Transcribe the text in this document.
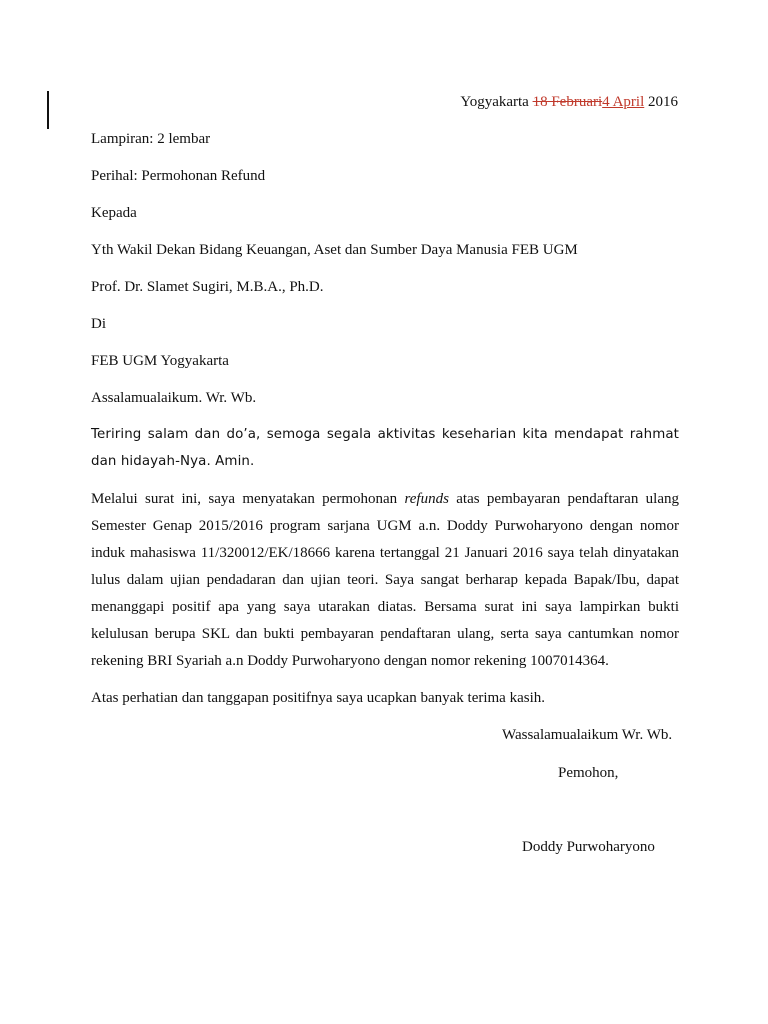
Yogyakarta 18 Februari4 April 2016
Lampiran: 2 lembar
Perihal: Permohonan Refund
Kepada
Yth Wakil Dekan Bidang Keuangan, Aset dan Sumber Daya Manusia FEB UGM
Prof. Dr. Slamet Sugiri, M.B.A., Ph.D.
Di
FEB UGM Yogyakarta
Assalamualaikum. Wr. Wb.
Teriring salam dan do’a, semoga segala aktivitas keseharian kita mendapat rahmat dan hidayah-Nya. Amin.
Melalui surat ini, saya menyatakan permohonan refunds atas pembayaran pendaftaran ulang Semester Genap 2015/2016 program sarjana UGM a.n. Doddy Purwoharyono dengan nomor induk mahasiswa 11/320012/EK/18666 karena tertanggal 21 Januari 2016 saya telah dinyatakan lulus dalam ujian pendadaran dan ujian teori. Saya sangat berharap kepada Bapak/Ibu, dapat menanggapi positif apa yang saya utarakan diatas. Bersama surat ini saya lampirkan bukti kelulusan berupa SKL dan bukti pembayaran pendaftaran ulang, serta saya cantumkan nomor rekening BRI Syariah a.n Doddy Purwoharyono dengan nomor rekening 1007014364.
Atas perhatian dan tanggapan positifnya saya ucapkan banyak terima kasih.
Wassalamualaikum Wr. Wb.
Pemohon,
Doddy Purwoharyono
